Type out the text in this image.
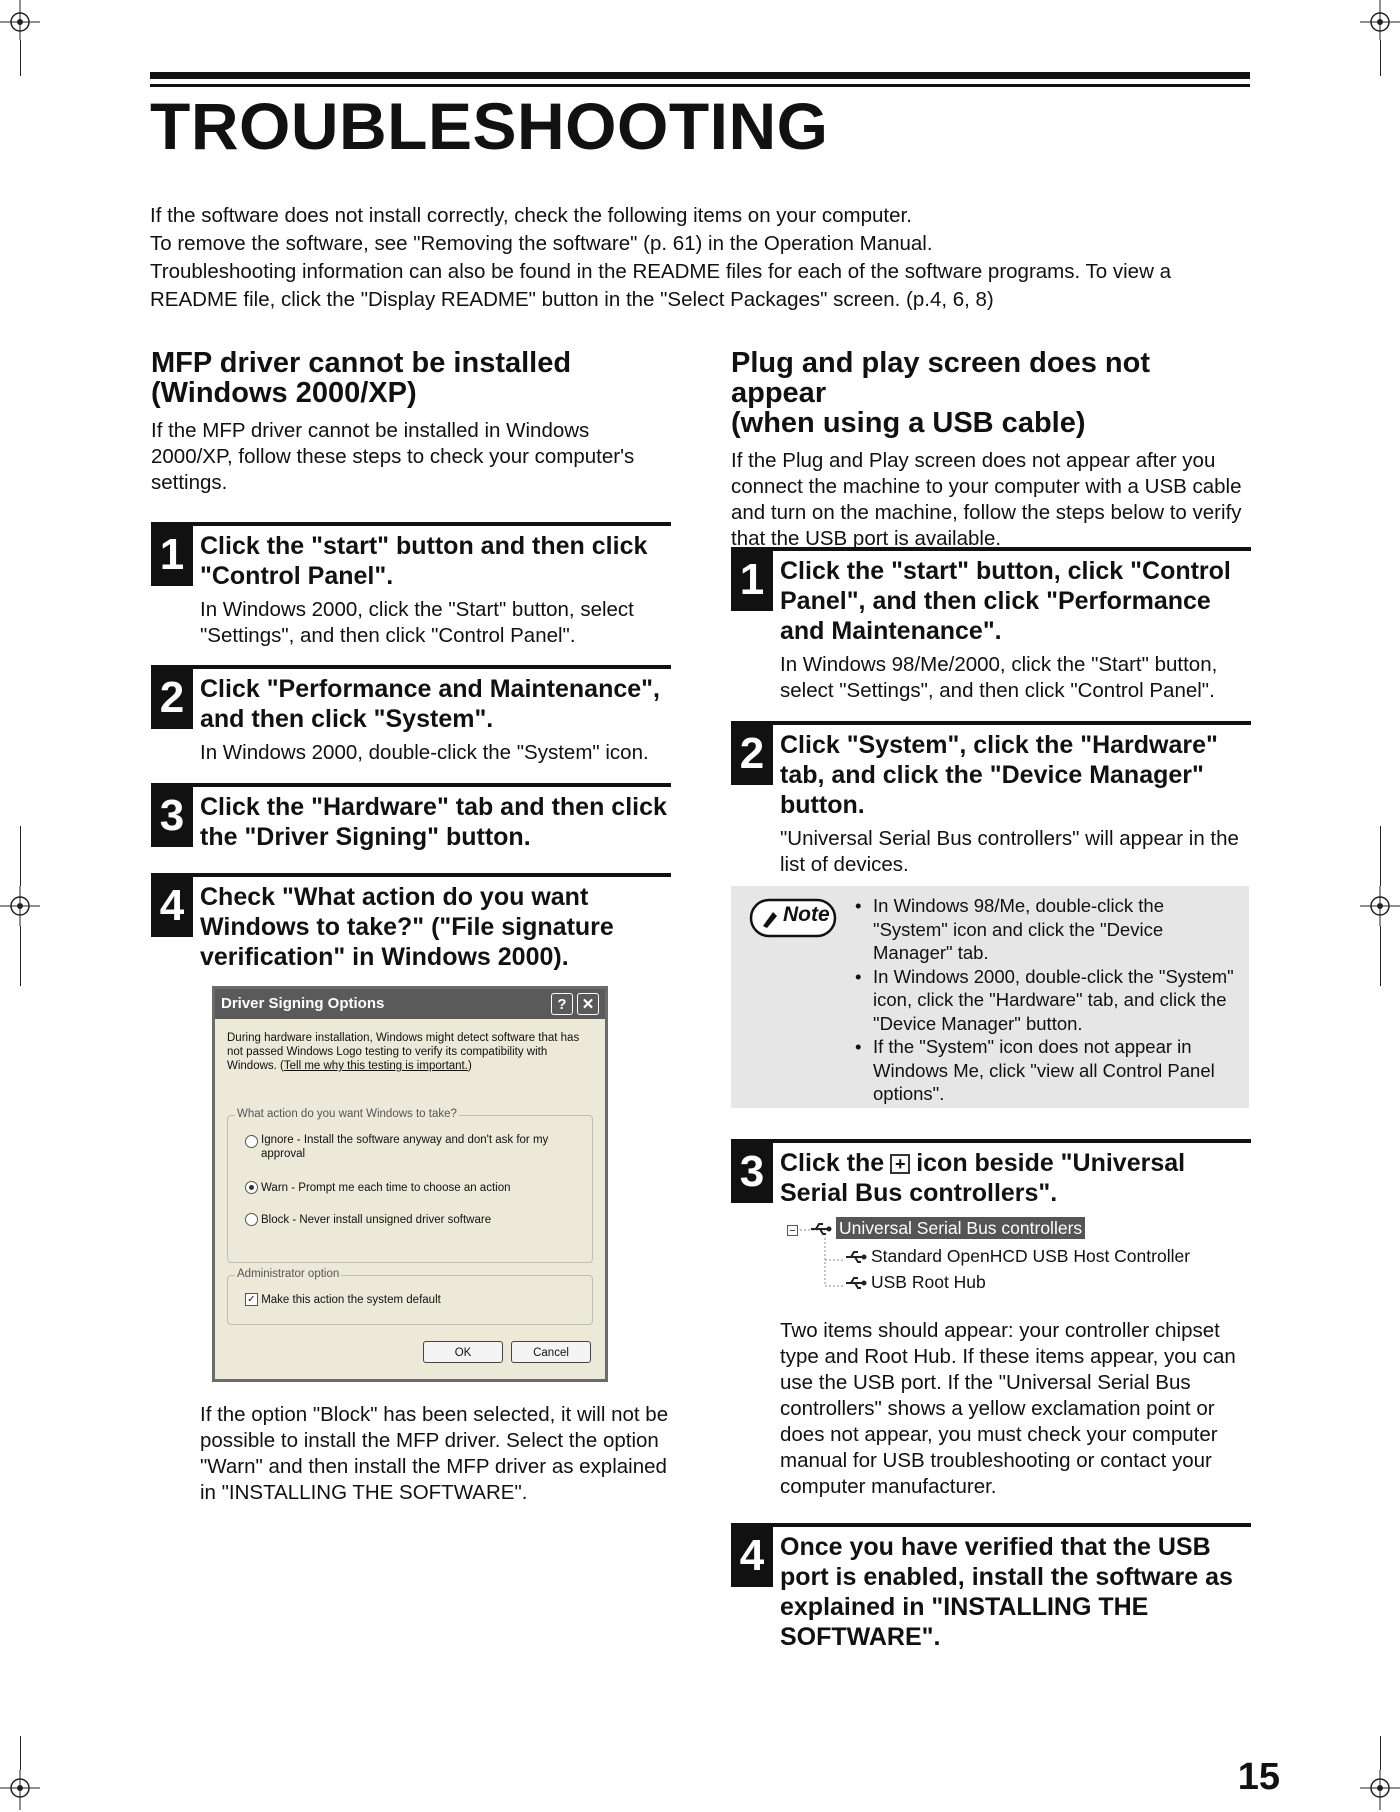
TROUBLESHOOTING
If the software does not install correctly, check the following items on your computer.
To remove the software, see "Removing the software" (p. 61) in the Operation Manual.
Troubleshooting information can also be found in the README files for each of the software programs. To view a
README file, click the "Display README" button in the "Select Packages" screen. (p.4, 6, 8)
MFP driver cannot be installed
(Windows 2000/XP)
If the MFP driver cannot be installed in Windows 2000/XP, follow these steps to check your computer's settings.
1 Click the "start" button and then click "Control Panel".
In Windows 2000, click the "Start" button, select "Settings", and then click "Control Panel".
2 Click "Performance and Maintenance", and then click "System".
In Windows 2000, double-click the "System" icon.
3 Click the "Hardware" tab and then click the "Driver Signing" button.
4 Check "What action do you want Windows to take?" ("File signature verification" in Windows 2000).
Driver Signing Options	?	✕
During hardware installation, Windows might detect software that has not passed Windows Logo testing to verify its compatibility with Windows. (Tell me why this testing is important.)
What action do you want Windows to take?
Ignore - Install the software anyway and don't ask for my approval
Warn - Prompt me each time to choose an action
Block - Never install unsigned driver software
Administrator option
✓ Make this action the system default
OK	Cancel
If the option "Block" has been selected, it will not be possible to install the MFP driver. Select the option "Warn" and then install the MFP driver as explained in "INSTALLING THE SOFTWARE".
Plug and play screen does not appear
(when using a USB cable)
If the Plug and Play screen does not appear after you connect the machine to your computer with a USB cable and turn on the machine, follow the steps below to verify that the USB port is available.
1 Click the "start" button, click "Control Panel", and then click "Performance and Maintenance".
In Windows 98/Me/2000, click the "Start" button, select "Settings", and then click "Control Panel".
2 Click "System", click the "Hardware" tab, and click the "Device Manager" button.
"Universal Serial Bus controllers" will appear in the list of devices.
Note
•	In Windows 98/Me, double-click the "System" icon and click the "Device Manager" tab.
• In Windows 2000, double-click the "System" icon, click the "Hardware" tab, and click the "Device Manager" button.
• If the "System" icon does not appear in Windows Me, click "view all Control Panel options".
3 Click the + icon beside "Universal Serial Bus controllers".
−	Universal Serial Bus controllers
Standard OpenHCD USB Host Controller
USB Root Hub
Two items should appear: your controller chipset type and Root Hub. If these items appear, you can use the USB port. If the "Universal Serial Bus controllers" shows a yellow exclamation point or does not appear, you must check your computer manual for USB troubleshooting or contact your computer manufacturer.
4 Once you have verified that the USB port is enabled, install the software as explained in "INSTALLING THE SOFTWARE".
15
